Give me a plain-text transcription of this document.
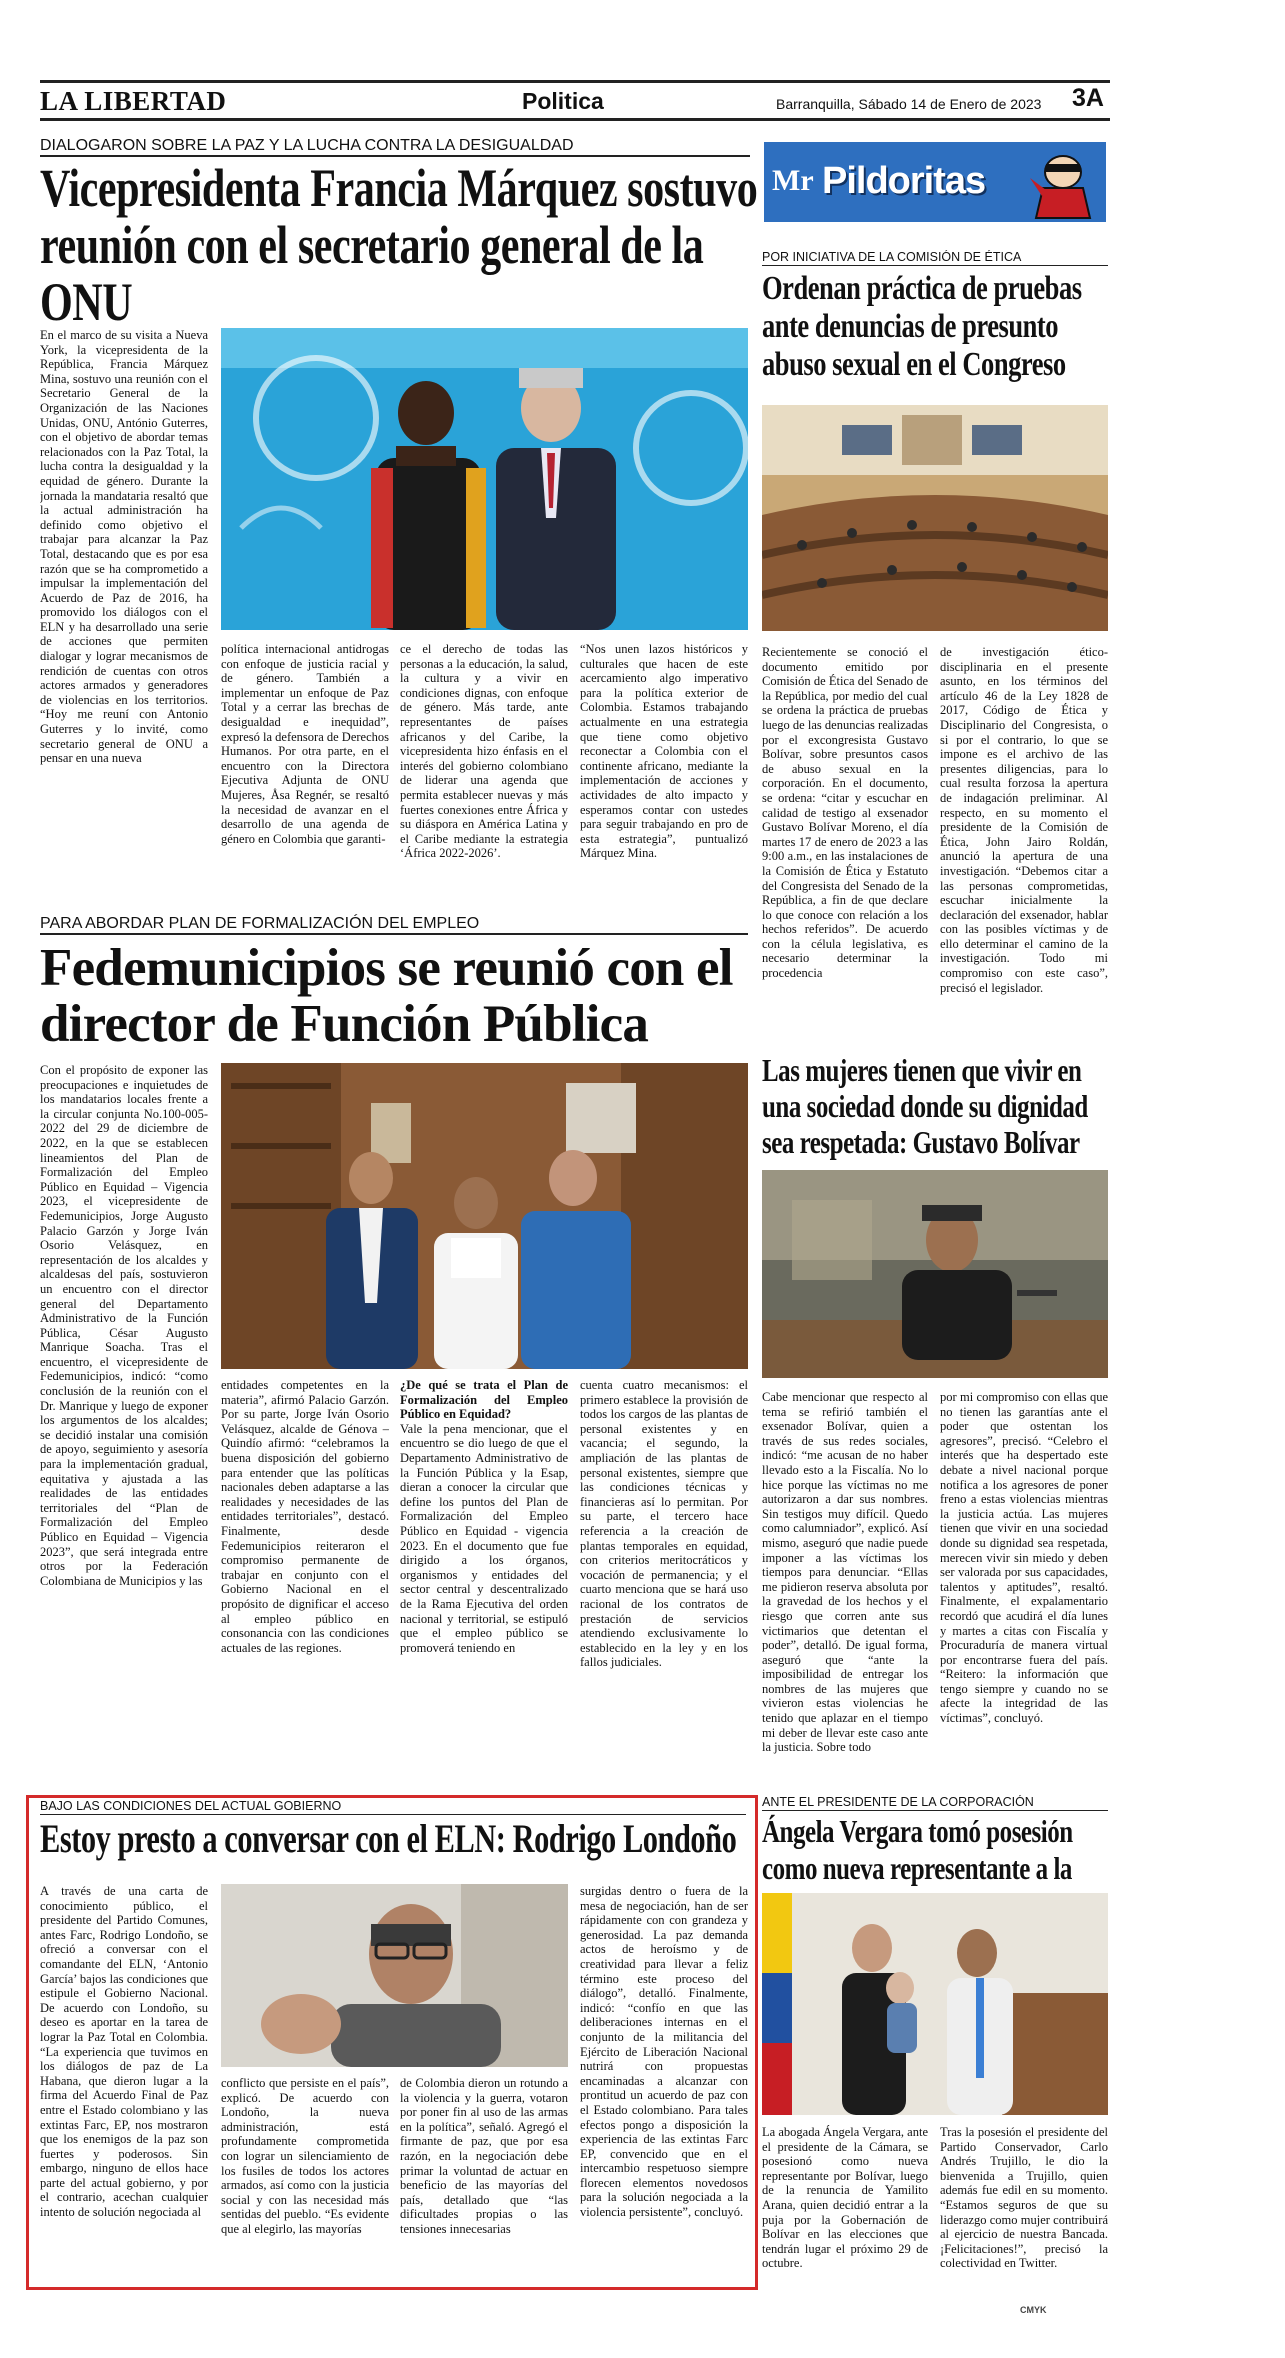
LA LIBERTAD	Politica	Barranquilla, Sábado 14 de Enero de 2023 3A
DIALOGARON SOBRE LA PAZ Y LA LUCHA CONTRA LA DESIGUALDAD
Vicepresidenta Francia Márquez sostuvo reunión con el secretario general de la ONU
En el marco de su visita a Nueva York, la vicepresidenta de la República, Francia Márquez Mina, sostuvo una reunión con el Secretario General de la Organización de las Naciones Unidas, ONU, António Guterres, con el objetivo de abordar temas relacionados con la Paz Total, la lucha contra la desigualdad y la equidad de género. Durante la jornada la mandataria resaltó que la actual administración ha definido como objetivo el trabajar para alcanzar la Paz Total, destacando que es por esa razón que se ha comprometido a impulsar la implementación del Acuerdo de Paz de 2016, ha promovido los diálogos con el ELN y ha desarrollado una serie de acciones que permiten dialogar y lograr mecanismos de rendición de cuentas con otros actores armados y generadores de violencias en los territorios. “Hoy me reuní con Antonio Guterres y lo invité, como secretario general de ONU a pensar en una nueva
política internacional antidrogas con enfoque de justicia racial y de género. También a implementar un enfoque de Paz Total y a cerrar las brechas de desigualdad e inequidad”, expresó la defensora de Derechos Humanos. Por otra parte, en el encuentro con la Directora Ejecutiva Adjunta de ONU Mujeres, Åsa Regnér, se resaltó la necesidad de avanzar en el desarrollo de una agenda de género en Colombia que garanti-
ce el derecho de todas las personas a la educación, la salud, la cultura y a vivir en condiciones dignas, con enfoque de género. Más tarde, ante representantes de países africanos y del Caribe, la vicepresidenta hizo énfasis en el interés del gobierno colombiano de liderar una agenda que permita establecer nuevas y más fuertes conexiones entre África y su diáspora en América Latina y el Caribe mediante la estrategia ‘África 2022-2026’.
“Nos unen lazos históricos y culturales que hacen de este acercamiento algo imperativo para la política exterior de Colombia. Estamos trabajando actualmente en una estrategia que tiene como objetivo reconectar a Colombia con el continente africano, mediante la implementación de acciones y actividades de alto impacto y esperamos contar con ustedes para seguir trabajando en pro de esta estrategia”, puntualizó Márquez Mina.
PARA ABORDAR PLAN DE FORMALIZACIÓN DEL EMPLEO
Fedemunicipios se reunió con el director de Función Pública
Con el propósito de exponer las preocupaciones e inquietudes de los mandatarios locales frente a la circular conjunta No.100-005-2022 del 29 de diciembre de 2022, en la que se establecen lineamientos del Plan de Formalización del Empleo Público en Equidad – Vigencia 2023, el vicepresidente de Fedemunicipios, Jorge Augusto Palacio Garzón y Jorge Iván Osorio Velásquez, en representación de los alcaldes y alcaldesas del país, sostuvieron un encuentro con el director general del Departamento Administrativo de la Función Pública, César Augusto Manrique Soacha. Tras el encuentro, el vicepresidente de Fedemunicipios, indicó: “como conclusión de la reunión con el Dr. Manrique y luego de exponer los argumentos de los alcaldes; se decidió instalar una comisión de apoyo, seguimiento y asesoría para la implementación gradual, equitativa y ajustada a las realidades de las entidades territoriales del “Plan de Formalización del Empleo Público en Equidad – Vigencia 2023”, que será integrada entre otros por la Federación Colombiana de Municipios y las
entidades competentes en la materia”, afirmó Palacio Garzón. Por su parte, Jorge Iván Osorio Velásquez, alcalde de Génova – Quindío afirmó: “celebramos la buena disposición del gobierno para entender que las políticas nacionales deben adaptarse a las realidades y necesidades de las entidades territoriales”, destacó. Finalmente, desde Fedemunicipios reiteraron el compromiso permanente de trabajar en conjunto con el Gobierno Nacional en el propósito de dignificar el acceso al empleo público en consonancia con las condiciones actuales de las regiones.
¿De qué se trata el Plan de Formalización del Empleo Público en Equidad?
Vale la pena mencionar, que el encuentro se dio luego de que el Departamento Administrativo de la Función Pública y la Esap, dieran a conocer la circular que define los puntos del Plan de Formalización del Empleo Público en Equidad - vigencia 2023. En el documento que fue dirigido a los órganos, organismos y entidades del sector central y descentralizado de la Rama Ejecutiva del orden nacional y territorial, se estipuló que el empleo público se promoverá teniendo en
cuenta cuatro mecanismos: el primero establece la provisión de todos los cargos de las plantas de personal existentes y en vacancia; el segundo, la ampliación de las plantas de personal existentes, siempre que las condiciones técnicas y financieras así lo permitan. Por su parte, el tercero hace referencia a la creación de plantas temporales en equidad, con criterios meritocráticos y vocación de permanencia; y el cuarto menciona que se hará uso racional de los contratos de prestación de servicios atendiendo exclusivamente lo establecido en la ley y en los fallos judiciales.
BAJO LAS CONDICIONES DEL ACTUAL GOBIERNO
Estoy presto a conversar con el ELN: Rodrigo Londoño
A través de una carta de conocimiento público, el presidente del Partido Comunes, antes Farc, Rodrigo Londoño, se ofreció a conversar con el comandante del ELN, ‘Antonio García’ bajos las condiciones que estipule el Gobierno Nacional. De acuerdo con Londoño, su deseo es aportar en la tarea de lograr la Paz Total en Colombia. “La experiencia que tuvimos en los diálogos de paz de La Habana, que dieron lugar a la firma del Acuerdo Final de Paz entre el Estado colombiano y las extintas Farc, EP, nos mostraron que los enemigos de la paz son fuertes y poderosos. Sin embargo, ninguno de ellos hace parte del actual gobierno, y por el contrario, acechan cualquier intento de solución negociada al
conflicto que persiste en el país”, explicó. De acuerdo con Londoño, la nueva administración, está profundamente comprometida con lograr un silenciamiento de los fusiles de todos los actores armados, así como con la justicia social y con las necesidad más sentidas del pueblo. “Es evidente que al elegirlo, las mayorías
de Colombia dieron un rotundo a la violencia y la guerra, votaron por poner fin al uso de las armas en la política”, señaló. Agregó el firmante de paz, que por esa razón, en la negociación debe primar la voluntad de actuar en beneficio de las mayorías del país, detallado que “las dificultades propias o las tensiones innecesarias
surgidas dentro o fuera de la mesa de negociación, han de ser rápidamente con con grandeza y generosidad. La paz demanda actos de heroísmo y de creatividad para llevar a feliz término este proceso del diálogo”, detalló. Finalmente, indicó: “confío en que las deliberaciones internas en el conjunto de la militancia del Ejército de Liberación Nacional nutrirá con propuestas encaminadas a alcanzar con prontitud un acuerdo de paz con el Estado colombiano. Para tales efectos pongo a disposición la experiencia de las extintas Farc EP, convencido que en el intercambio respetuoso siempre florecen elementos novedosos para la solución negociada a la violencia persistente”, concluyó.
Mr Pildoritas
POR INICIATIVA DE LA COMISIÓN DE ÉTICA
Ordenan práctica de pruebas ante denuncias de presunto abuso sexual en el Congreso
Recientemente se conoció el documento emitido por Comisión de Ética del Senado de la República, por medio del cual se ordena la práctica de pruebas luego de las denuncias realizadas por el excongresista Gustavo Bolívar, sobre presuntos casos de abuso sexual en la corporación. En el documento, se ordena: “citar y escuchar en calidad de testigo al exsenador Gustavo Bolívar Moreno, el día martes 17 de enero de 2023 a las 9:00 a.m., en las instalaciones de la Comisión de Ética y Estatuto del Congresista del Senado de la República, a fin de que declare lo que conoce con relación a los hechos referidos”. De acuerdo con la célula legislativa, es necesario determinar la procedencia
de investigación ético-disciplinaria en el presente asunto, en los términos del artículo 46 de la Ley 1828 de 2017, Código de Ética y Disciplinario del Congresista, o si por el contrario, lo que se impone es el archivo de las presentes diligencias, para lo cual resulta forzosa la apertura de indagación preliminar. Al respecto, en su momento el presidente de la Comisión de Ética, John Jairo Roldán, anunció la apertura de una investigación. “Debemos citar a las personas comprometidas, escuchar inicialmente la declaración del exsenador, hablar con las posibles víctimas y de ello determinar el camino de la investigación. Todo mi compromiso con este caso”, precisó el legislador.
Las mujeres tienen que vivir en una sociedad donde su dignidad sea respetada: Gustavo Bolívar
Cabe mencionar que respecto al tema se refirió también el exsenador Bolívar, quien a través de sus redes sociales, indicó: “me acusan de no haber llevado esto a la Fiscalía. No lo hice porque las víctimas no me autorizaron a dar sus nombres. Sin testigos muy difícil. Quedo como calumniador”, explicó. Así mismo, aseguró que nadie puede imponer a las víctimas los tiempos para denunciar. “Ellas me pidieron reserva absoluta por la gravedad de los hechos y el riesgo que corren ante sus victimarios que detentan el poder”, detalló. De igual forma, aseguró que “ante la imposibilidad de entregar los nombres de las mujeres que vivieron estas violencias he tenido que aplazar en el tiempo mi deber de llevar este caso ante la justicia. Sobre todo
por mi compromiso con ellas que no tienen las garantías ante el poder que ostentan los agresores”, precisó. “Celebro el interés que ha despertado este debate a nivel nacional porque notifica a los agresores de poner freno a estas violencias mientras la justicia actúa. Las mujeres tienen que vivir en una sociedad donde su dignidad sea respetada, merecen vivir sin miedo y deben ser valorada por sus capacidades, talentos y aptitudes”, resaltó. Finalmente, el expalamentario recordó que acudirá el día lunes y martes a citas con Fiscalía y Procuraduría de manera virtual por encontrarse fuera del país. “Reitero: la información que tengo siempre y cuando no se afecte la integridad de las víctimas”, concluyó.
ANTE EL PRESIDENTE DE LA CORPORACIÓN
Ángela Vergara tomó posesión como nueva representante a la
La abogada Ángela Vergara, ante el presidente de la Cámara, se posesionó como nueva representante por Bolívar, luego de la renuncia de Yamilito Arana, quien decidió entrar a la puja por la Gobernación de Bolívar en las elecciones que tendrán lugar el próximo 29 de octubre.
Tras la posesión el presidente del Partido Conservador, Carlo Andrés Trujillo, le dio la bienvenida a Trujillo, quien además fue edil en su momento. “Estamos seguros de que su liderazgo como mujer contribuirá al ejercicio de nuestra Bancada. ¡Felicitaciones!”, precisó la colectividad en Twitter.
CMYK
